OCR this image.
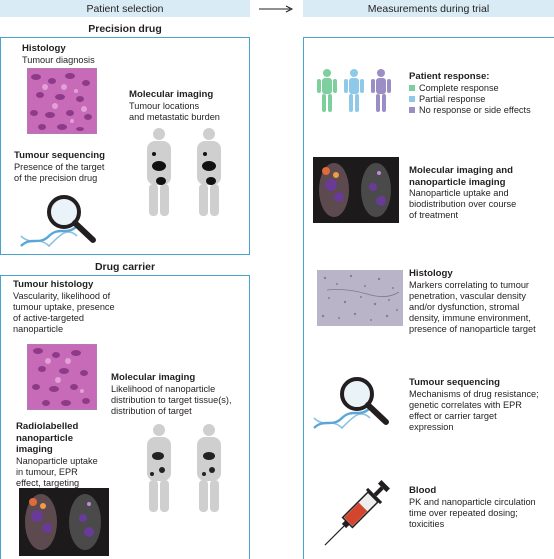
Patient selection	Measurements during trial
Precision drug
Histology
Tumour diagnosis
Tumour sequencing
Presence of the target
of the precision drug
Molecular imaging
Tumour locations
and metastatic burden
Drug carrier
Tumour histology
Vascularity, likelihood of
tumour uptake, presence
of active-targeted
nanoparticle
Radiolabelled
nanoparticle
imaging
Nanoparticle uptake
in tumour, EPR
effect, targeting
Molecular imaging
Likelihood of nanoparticle
distribution to target tissue(s),
distribution of target
Patient response:
Complete response
Partial response
No response or side effects
Molecular imaging and
nanoparticle imaging
Nanoparticle uptake and
biodistribution over course
of treatment
Histology
Markers correlating to tumour
penetration, vascular density
and/or dysfunction, stromal
density, immune environment,
presence of nanoparticle target
Tumour sequencing
Mechanisms of drug resistance;
genetic correlates with EPR
effect or carrier target
expression
Blood
PK and nanoparticle circulation
time over repeated dosing;
toxicities
